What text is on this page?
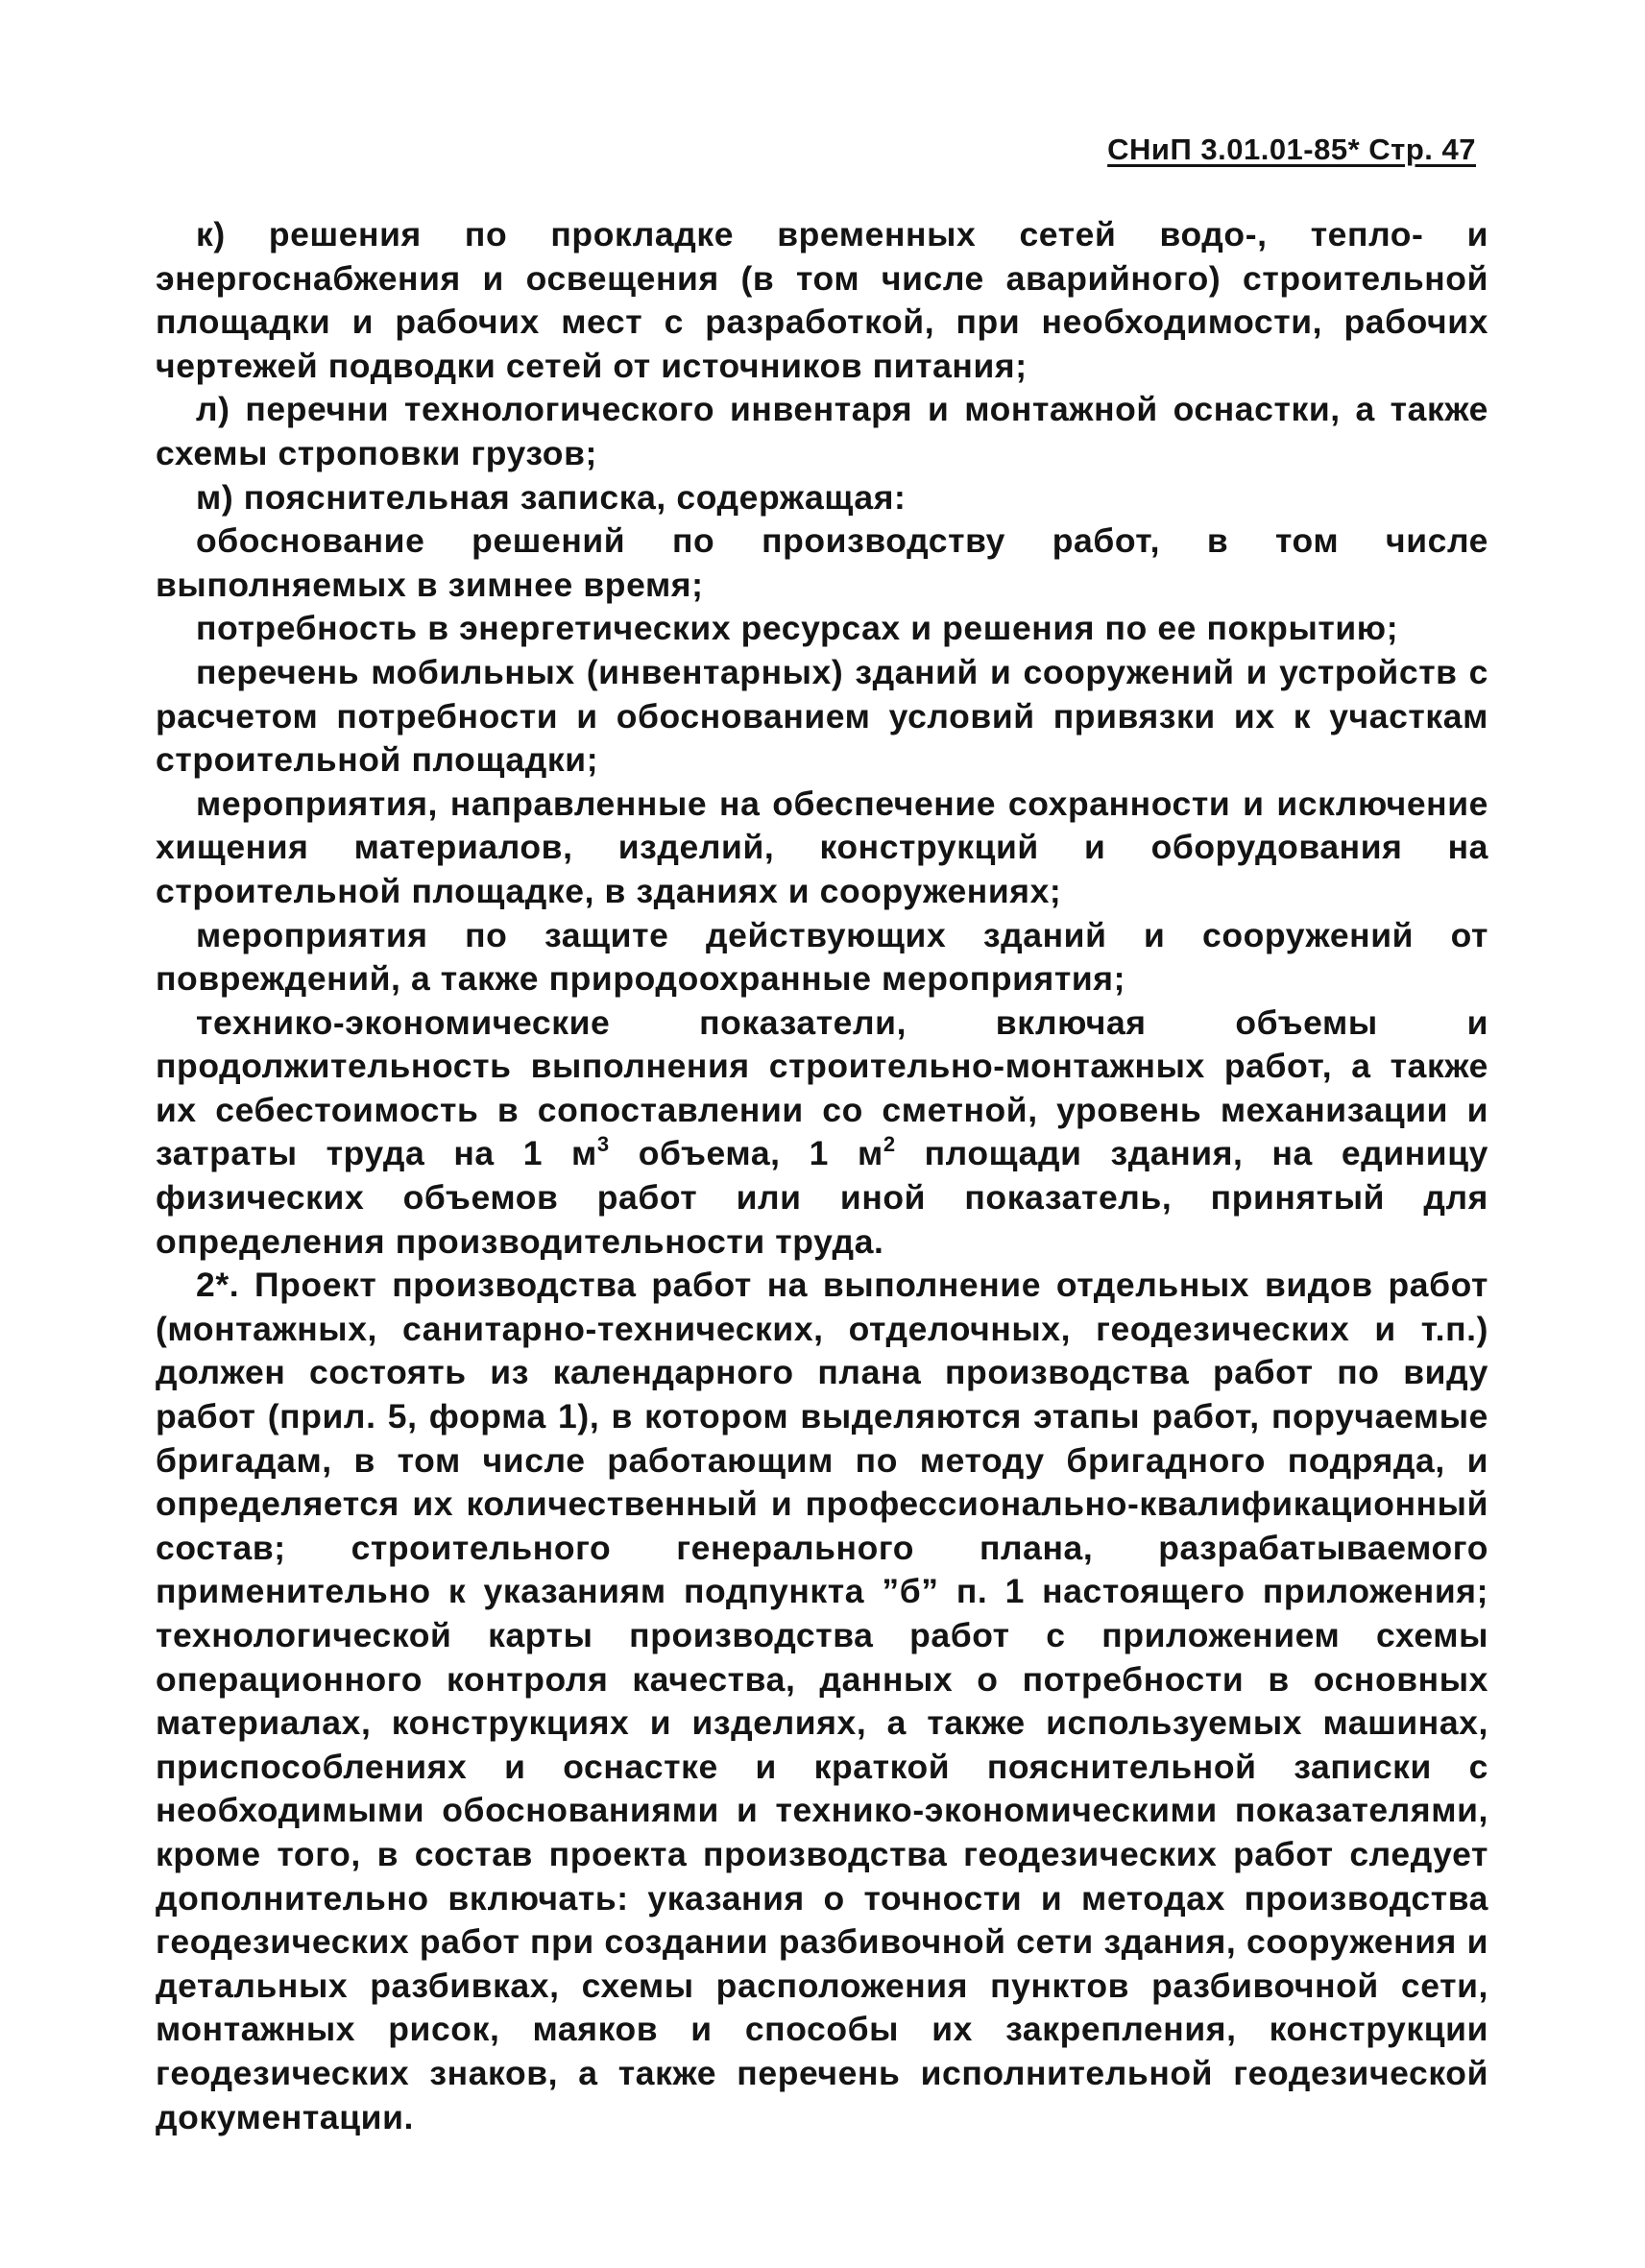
СНиП 3.01.01-85* Стр. 47

к) решения по прокладке временных сетей водо-, тепло- и энергоснабжения и освещения (в том числе аварийного) строительной площадки и рабочих мест с разработкой, при необходимости, рабочих чертежей подводки сетей от источников питания;

л) перечни технологического инвентаря и монтажной оснастки, а также схемы строповки грузов;

м) пояснительная записка, содержащая:

обоснование решений по производству работ, в том числе выполняемых в зимнее время;

потребность в энергетических ресурсах и решения по ее покрытию;

перечень мобильных (инвентарных) зданий и сооружений и устройств с расчетом потребности и обоснованием условий привязки их к участкам строительной площадки;

мероприятия, направленные на обеспечение сохранности и исключение хищения материалов, изделий, конструкций и оборудования на строительной площадке, в зданиях и сооружениях;

мероприятия по защите действующих зданий и сооружений от повреждений, а также природоохранные мероприятия;

технико-экономические показатели, включая объемы и продолжительность выполнения строительно-монтажных работ, а также их себестоимость в сопоставлении со сметной, уровень механизации и затраты труда на 1 $м^3$ объема, 1 $м^2$ площади здания, на единицу физических объемов работ или иной показатель, принятый для определения производительности труда.

2*. Проект производства работ на выполнение отдельных видов работ (монтажных, санитарно-технических, отделочных, геодезических и т.п.) должен состоять из календарного плана производства работ по виду работ (прил. 5, форма 1), в котором выделяются этапы работ, поручаемые бригадам, в том числе работающим по методу бригадного подряда, и определяется их количественный и профессионально-квалификационный состав; строительного генерального плана, разрабатываемого применительно к указаниям подпункта ”б” п. 1 настоящего приложения; технологической карты производства работ с приложением схемы операционного контроля качества, данных о потребности в основных материалах, конструкциях и изделиях, а также используемых машинах, приспособлениях и оснастке и краткой пояснительной записки с необходимыми обоснованиями и технико-экономическими показателями, кроме того, в состав проекта производства геодезических работ следует дополнительно включать: указания о точности и методах производства геодезических работ при создании разбивочной сети здания, сооружения и детальных разбивках, схемы расположения пунктов разбивочной сети, монтажных рисок, маяков и способы их закрепления, конструкции геодезических знаков, а также перечень исполнительной геодезической документации.
